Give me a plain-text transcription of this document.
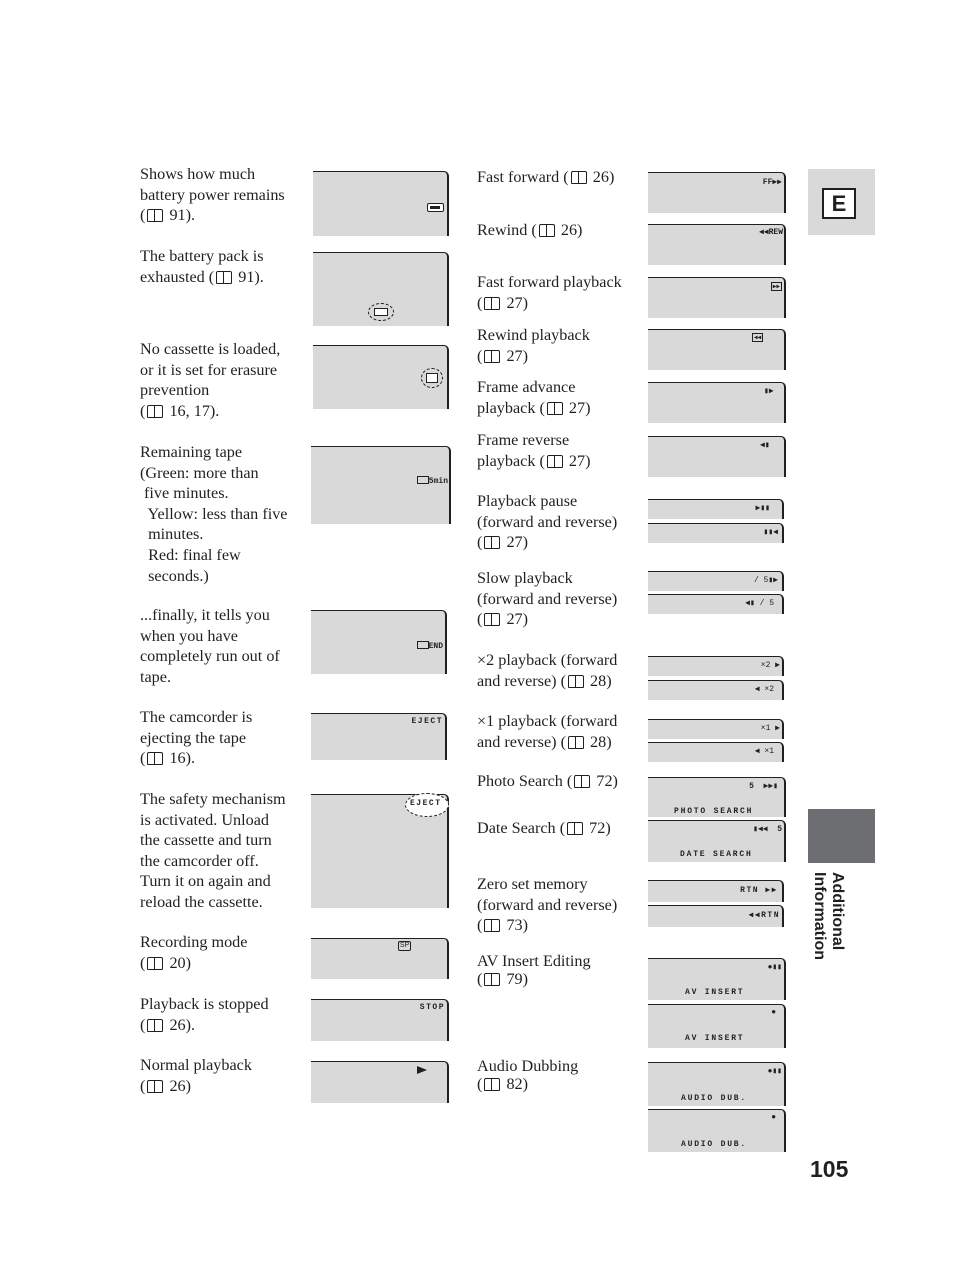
Shows how much
battery power remains
( 91).
The battery pack is
exhausted ( 91).
No cassette is loaded,
or it is set for erasure
prevention
( 16, 17).
Remaining tape
(Green: more than
five minutes.
Yellow: less than five
minutes.
Red: final few
seconds.)
...finally, it tells you
when you have
completely run out of
tape.
The camcorder is
ejecting the tape
( 16).
The safety mechanism
is activated. Unload
the cassette and turn
the camcorder off.
Turn it on again and
reload the cassette.
Recording mode
( 20)
Playback is stopped
( 26).
Normal playback
( 26)

5min

END

EJECT
EJECT
SP
STOP
Fast forward ( 26)
Rewind ( 26)
Fast forward playback
( 27)
Rewind playback
( 27)
Frame advance
playback ( 27)
Frame reverse
playback ( 27)
Playback pause
(forward and reverse)
( 27)
Slow playback
(forward and reverse)
( 27)
×2 playback (forward
and reverse) ( 28)
×1 playback (forward
and reverse) ( 28)
Photo Search ( 72)
Date Search ( 72)
Zero set memory
(forward and reverse)
( 73)
AV Insert Editing
( 79)
Audio Dubbing
( 82)
FF▶▶
◀◀REW
▶▶
◀◀
▮▶
◀▮
▶▮▮
▮▮◀
/ 5▮▶
◀▮ / 5
×2 ▶
◀ ×2
×1 ▶
◀ ×1
5  ▶▶▮
PHOTO SEARCH
▮◀◀  5
DATE SEARCH
RTN ▶▶
◀◀RTN
●▮▮
AV INSERT
●
AV INSERT
●▮▮
AUDIO DUB.
●
AUDIO DUB.
E
Additional
Information
105
